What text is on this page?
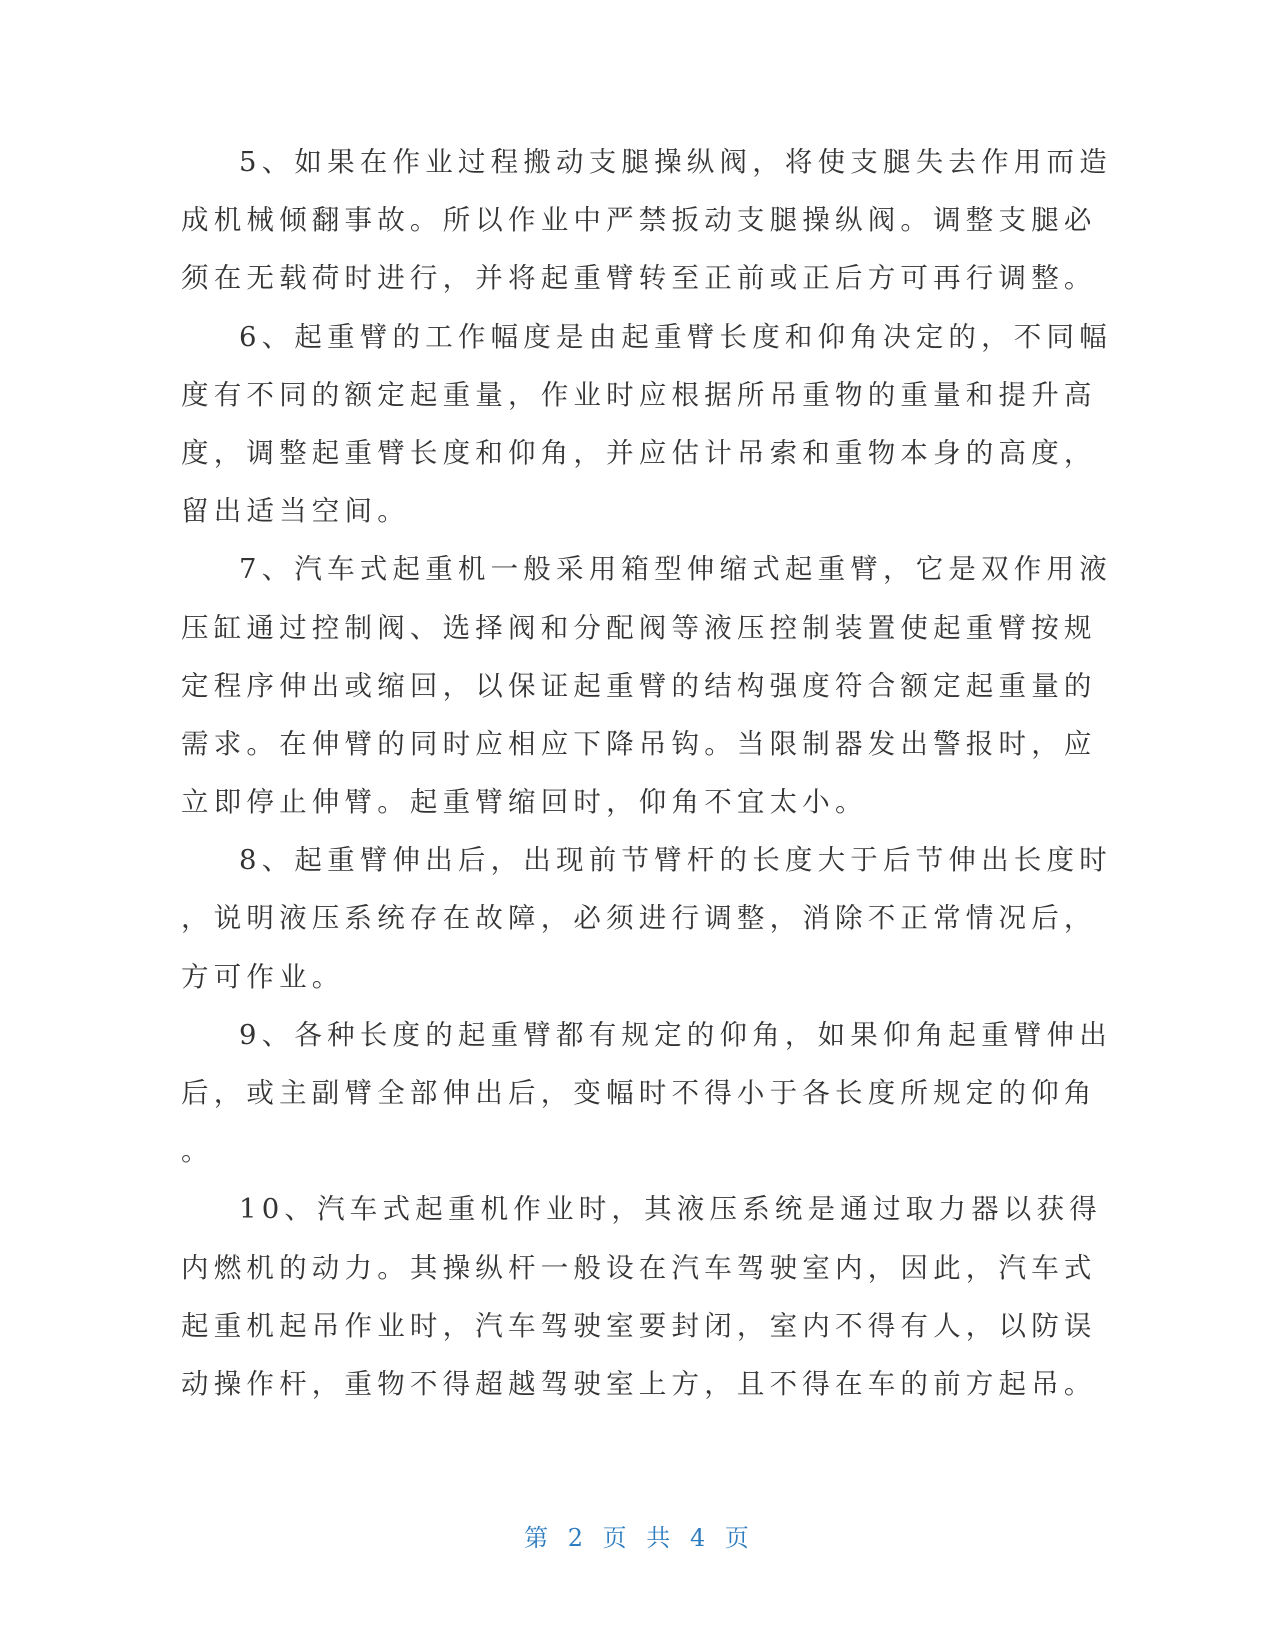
5、如果在作业过程搬动支腿操纵阀，将使支腿失去作用而造
成机械倾翻事故。所以作业中严禁扳动支腿操纵阀。调整支腿必
须在无载荷时进行，并将起重臂转至正前或正后方可再行调整。
6、起重臂的工作幅度是由起重臂长度和仰角决定的，不同幅
度有不同的额定起重量，作业时应根据所吊重物的重量和提升高
度，调整起重臂长度和仰角，并应估计吊索和重物本身的高度，
留出适当空间。
7、汽车式起重机一般采用箱型伸缩式起重臂，它是双作用液
压缸通过控制阀、选择阀和分配阀等液压控制装置使起重臂按规
定程序伸出或缩回，以保证起重臂的结构强度符合额定起重量的
需求。在伸臂的同时应相应下降吊钩。当限制器发出警报时，应
立即停止伸臂。起重臂缩回时，仰角不宜太小。
8、起重臂伸出后，出现前节臂杆的长度大于后节伸出长度时
，说明液压系统存在故障，必须进行调整，消除不正常情况后，
方可作业。
9、各种长度的起重臂都有规定的仰角，如果仰角起重臂伸出
后，或主副臂全部伸出后，变幅时不得小于各长度所规定的仰角
。
10、汽车式起重机作业时，其液压系统是通过取力器以获得
内燃机的动力。其操纵杆一般设在汽车驾驶室内，因此，汽车式
起重机起吊作业时，汽车驾驶室要封闭，室内不得有人，以防误
动操作杆，重物不得超越驾驶室上方，且不得在车的前方起吊。
第 2 页 共 4 页
